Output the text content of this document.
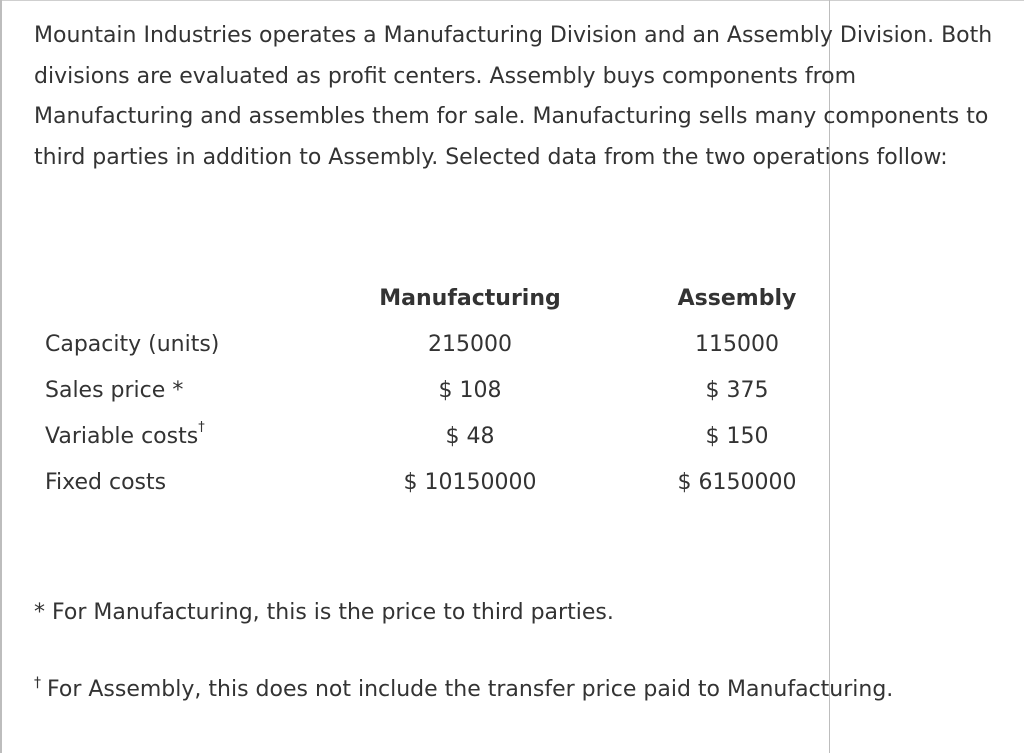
Mountain Industries operates a Manufacturing Division and an Assembly Division. Both divisions are evaluated as profit centers. Assembly buys components from Manufacturing and assembles them for sale. Manufacturing sells many components to third parties in addition to Assembly. Selected data from the two operations follow:

	Manufacturing	Assembly
Capacity (units)	215000	115000
Sales price *	$ 108	$ 375
Variable costs†	$ 48	$ 150
Fixed costs	$ 10150000	$ 6150000

* For Manufacturing, this is the price to third parties.

† For Assembly, this does not include the transfer price paid to Manufacturing.
